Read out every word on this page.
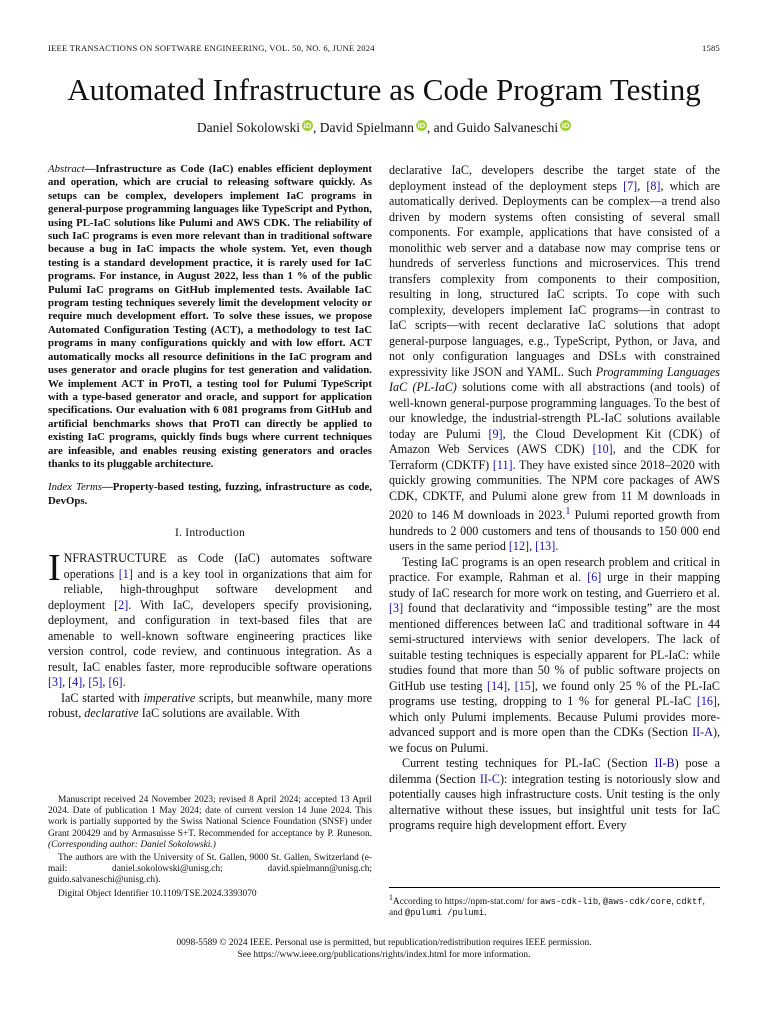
IEEE TRANSACTIONS ON SOFTWARE ENGINEERING, VOL. 50, NO. 6, JUNE 2024	1585
Automated Infrastructure as Code Program Testing
Daniel Sokolowski iD , David Spielmann iD , and Guido Salvaneschi iD

Abstract—Infrastructure as Code (IaC) enables efficient deployment and operation, which are crucial to releasing software quickly. As setups can be complex, developers implement IaC programs in general-purpose programming languages like TypeScript and Python, using PL-IaC solutions like Pulumi and AWS CDK. The reliability of such IaC programs is even more relevant than in traditional software because a bug in IaC impacts the whole system. Yet, even though testing is a standard development practice, it is rarely used for IaC programs. For instance, in August 2022, less than 1 % of the public Pulumi IaC programs on GitHub implemented tests. Available IaC program testing techniques severely limit the development velocity or require much development effort. To solve these issues, we propose Automated Configuration Testing (ACT), a methodology to test IaC programs in many configurations quickly and with low effort. ACT automatically mocks all resource definitions in the IaC program and uses generator and oracle plugins for test generation and validation. We implement ACT in ProTI, a testing tool for Pulumi TypeScript with a type-based generator and oracle, and support for application specifications. Our evaluation with 6 081 programs from GitHub and artificial benchmarks shows that ProTI can directly be applied to existing IaC programs, quickly finds bugs where current techniques are infeasible, and enables reusing existing generators and oracles thanks to its pluggable architecture.

Index Terms—Property-based testing, fuzzing, infrastructure as code, DevOps.

I. Introduction

INFRASTRUCTURE as Code (IaC) automates software operations [1] and is a key tool in organizations that aim for reliable, high-throughput software development and deployment [2]. With IaC, developers specify provisioning, deployment, and configuration in text-based files that are amenable to well-known software engineering practices like version control, code review, and continuous integration. As a result, IaC enables faster, more reproducible software operations [3], [4], [5], [6].

IaC started with imperative scripts, but meanwhile, many more robust, declarative IaC solutions are available. With

Manuscript received 24 November 2023; revised 8 April 2024; accepted 13 April 2024. Date of publication 1 May 2024; date of current version 14 June 2024. This work is partially supported by the Swiss National Science Foundation (SNSF) under Grant 200429 and by Armasuisse S+T. Recommended for acceptance by P. Runeson. (Corresponding author: Daniel Sokolowski.)

The authors are with the University of St. Gallen, 9000 St. Gallen, Switzerland (e-mail: daniel.sokolowski@unisg.ch; david.spielmann@unisg.ch; guido.salvaneschi@unisg.ch).

Digital Object Identifier 10.1109/TSE.2024.3393070

declarative IaC, developers describe the target state of the deployment instead of the deployment steps [7], [8], which are automatically derived. Deployments can be complex—a trend also driven by modern systems often consisting of several small components. For example, applications that have consisted of a monolithic web server and a database now may comprise tens or hundreds of serverless functions and microservices. This trend transfers complexity from components to their composition, resulting in long, structured IaC scripts. To cope with such complexity, developers implement IaC programs—in contrast to IaC scripts—with recent declarative IaC solutions that adopt general-purpose languages, e.g., TypeScript, Python, or Java, and not only configuration languages and DSLs with constrained expressivity like JSON and YAML. Such Programming Languages IaC (PL-IaC) solutions come with all abstractions (and tools) of well-known general-purpose programming languages. To the best of our knowledge, the industrial-strength PL-IaC solutions available today are Pulumi [9], the Cloud Development Kit (CDK) of Amazon Web Services (AWS CDK) [10], and the CDK for Terraform (CDKTF) [11]. They have existed since 2018–2020 with quickly growing communities. The NPM core packages of AWS CDK, CDKTF, and Pulumi alone grew from 11 M downloads in 2020 to 146 M downloads in 2023.$^1$ Pulumi reported growth from hundreds to 2 000 customers and tens of thousands to 150 000 end users in the same period [12], [13].

Testing IaC programs is an open research problem and critical in practice. For example, Rahman et al. [6] urge in their mapping study of IaC research for more work on testing, and Guerriero et al. [3] found that declarativity and “impossible testing” are the most mentioned differences between IaC and traditional software in 44 semi-structured interviews with senior developers. The lack of suitable testing techniques is especially apparent for PL-IaC: while studies found that more than 50 % of public software projects on GitHub use testing [14], [15], we found only 25 % of the PL-IaC programs use testing, dropping to 1 % for general PL-IaC [16], which only Pulumi implements. Because Pulumi provides more-advanced support and is more open than the CDKs (Section II-A), we focus on Pulumi.

Current testing techniques for PL-IaC (Section II-B) pose a dilemma (Section II-C): integration testing is notoriously slow and potentially causes high infrastructure costs. Unit testing is the only alternative without these issues, but insightful unit tests for IaC programs require high development effort. Every

$^1$According to https://npm-stat.com/ for aws-cdk-lib, @aws-cdk/core, cdktf, and @pulumi /pulumi.
0098-5589 © 2024 IEEE. Personal use is permitted, but republication/redistribution requires IEEE permission.
See https://www.ieee.org/publications/rights/index.html for more information.
